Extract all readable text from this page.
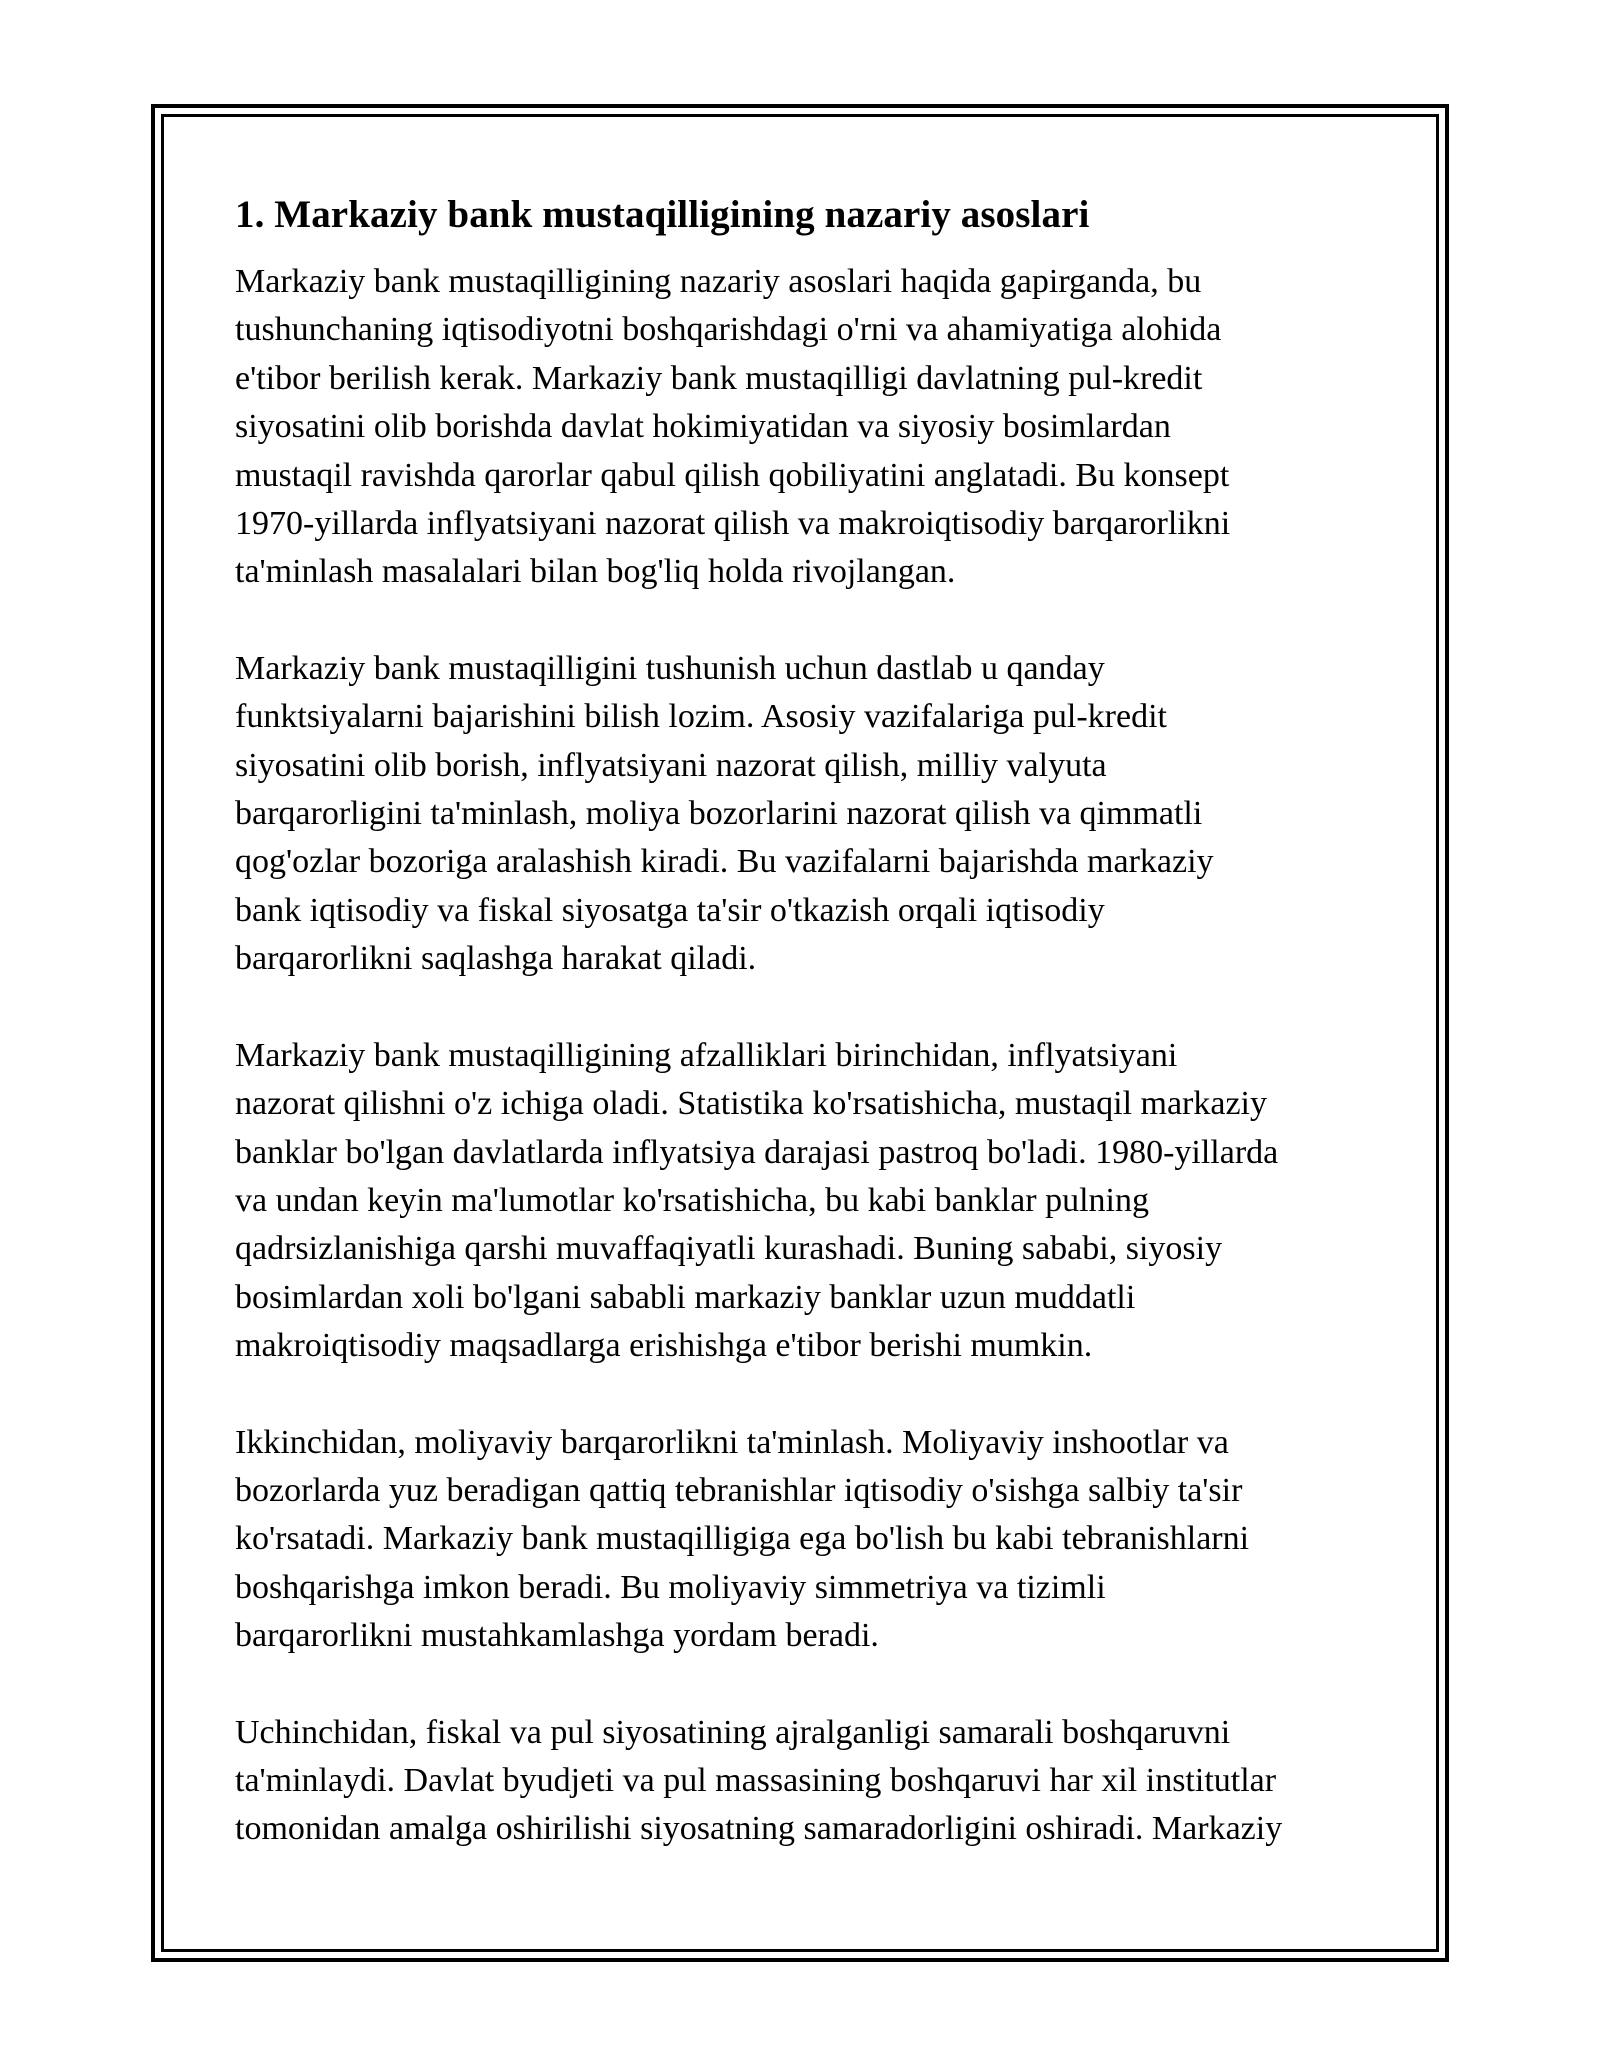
1. Markaziy bank mustaqilligining nazariy asoslari

Markaziy bank mustaqilligining nazariy asoslari haqida gapirganda, bu
tushunchaning iqtisodiyotni boshqarishdagi o'rni va ahamiyatiga alohida
e'tibor berilish kerak. Markaziy bank mustaqilligi davlatning pul-kredit
siyosatini olib borishda davlat hokimiyatidan va siyosiy bosimlardan
mustaqil ravishda qarorlar qabul qilish qobiliyatini anglatadi. Bu konsept
1970-yillarda inflyatsiyani nazorat qilish va makroiqtisodiy barqarorlikni
ta'minlash masalalari bilan bog'liq holda rivojlangan.

Markaziy bank mustaqilligini tushunish uchun dastlab u qanday
funktsiyalarni bajarishini bilish lozim. Asosiy vazifalariga pul-kredit
siyosatini olib borish, inflyatsiyani nazorat qilish, milliy valyuta
barqarorligini ta'minlash, moliya bozorlarini nazorat qilish va qimmatli
qog'ozlar bozoriga aralashish kiradi. Bu vazifalarni bajarishda markaziy
bank iqtisodiy va fiskal siyosatga ta'sir o'tkazish orqali iqtisodiy
barqarorlikni saqlashga harakat qiladi.

Markaziy bank mustaqilligining afzalliklari birinchidan, inflyatsiyani
nazorat qilishni o'z ichiga oladi. Statistika ko'rsatishicha, mustaqil markaziy
banklar bo'lgan davlatlarda inflyatsiya darajasi pastroq bo'ladi. 1980-yillarda
va undan keyin ma'lumotlar ko'rsatishicha, bu kabi banklar pulning
qadrsizlanishiga qarshi muvaffaqiyatli kurashadi. Buning sababi, siyosiy
bosimlardan xoli bo'lgani sababli markaziy banklar uzun muddatli
makroiqtisodiy maqsadlarga erishishga e'tibor berishi mumkin.

Ikkinchidan, moliyaviy barqarorlikni ta'minlash. Moliyaviy inshootlar va
bozorlarda yuz beradigan qattiq tebranishlar iqtisodiy o'sishga salbiy ta'sir
ko'rsatadi. Markaziy bank mustaqilligiga ega bo'lish bu kabi tebranishlarni
boshqarishga imkon beradi. Bu moliyaviy simmetriya va tizimli
barqarorlikni mustahkamlashga yordam beradi.

Uchinchidan, fiskal va pul siyosatining ajralganligi samarali boshqaruvni
ta'minlaydi. Davlat byudjeti va pul massasining boshqaruvi har xil institutlar
tomonidan amalga oshirilishi siyosatning samaradorligini oshiradi. Markaziy
